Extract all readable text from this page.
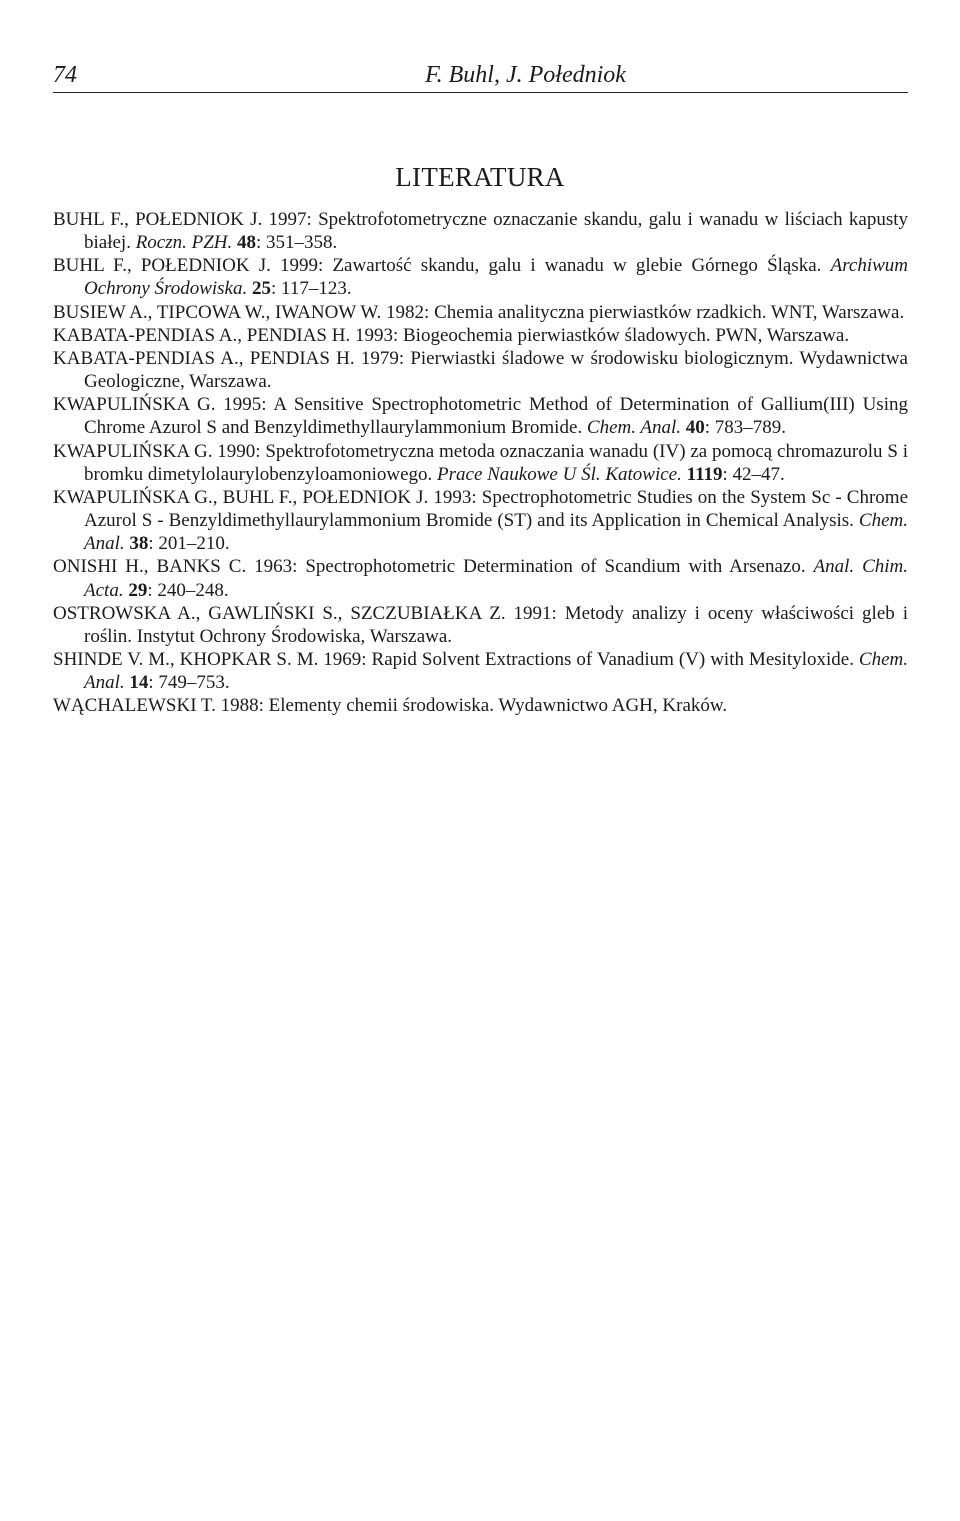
74	F. Buhl, J. Połedniok
LITERATURA

BUHL F., POŁEDNIOK J. 1997: Spektrofotometryczne oznaczanie skandu, galu i wanadu w liściach kapusty białej. Roczn. PZH. 48: 351–358.

BUHL F., POŁEDNIOK J. 1999: Zawartość skandu, galu i wanadu w glebie Górnego Śląska. Archiwum Ochrony Środowiska. 25: 117–123.

BUSIEW A., TIPCOWA W., IWANOW W. 1982: Chemia analityczna pierwiastków rzadkich. WNT, Warszawa.

KABATA-PENDIAS A., PENDIAS H. 1993: Biogeochemia pierwiastków śladowych. PWN, Warszawa.

KABATA-PENDIAS A., PENDIAS H. 1979: Pierwiastki śladowe w środowisku biologicznym. Wydawnictwa Geologiczne, Warszawa.

KWAPULIŃSKA G. 1995: A Sensitive Spectrophotometric Method of Determination of Gallium(III) Using Chrome Azurol S and Benzyldimethyllaurylammonium Bromide. Chem. Anal. 40: 783–789.

KWAPULIŃSKA G. 1990: Spektrofotometryczna metoda oznaczania wanadu (IV) za pomocą chromazurolu S i bromku dimetylolaurylobenzyloamoniowego. Prace Naukowe U Śl. Katowice. 1119: 42–47.

KWAPULIŃSKA G., BUHL F., POŁEDNIOK J. 1993: Spectrophotometric Studies on the System Sc - Chrome Azurol S - Benzyldimethyllaurylammonium Bromide (ST) and its Application in Chemical Analysis. Chem. Anal. 38: 201–210.

ONISHI H., BANKS C. 1963: Spectrophotometric Determination of Scandium with Arsenazo. Anal. Chim. Acta. 29: 240–248.

OSTROWSKA A., GAWLIŃSKI S., SZCZUBIAŁKA Z. 1991: Metody analizy i oceny właściwości gleb i roślin. Instytut Ochrony Środowiska, Warszawa.

SHINDE V. M., KHOPKAR S. M. 1969: Rapid Solvent Extractions of Vanadium (V) with Mesityloxide. Chem. Anal. 14: 749–753.

WĄCHALEWSKI T. 1988: Elementy chemii środowiska. Wydawnictwo AGH, Kraków.
